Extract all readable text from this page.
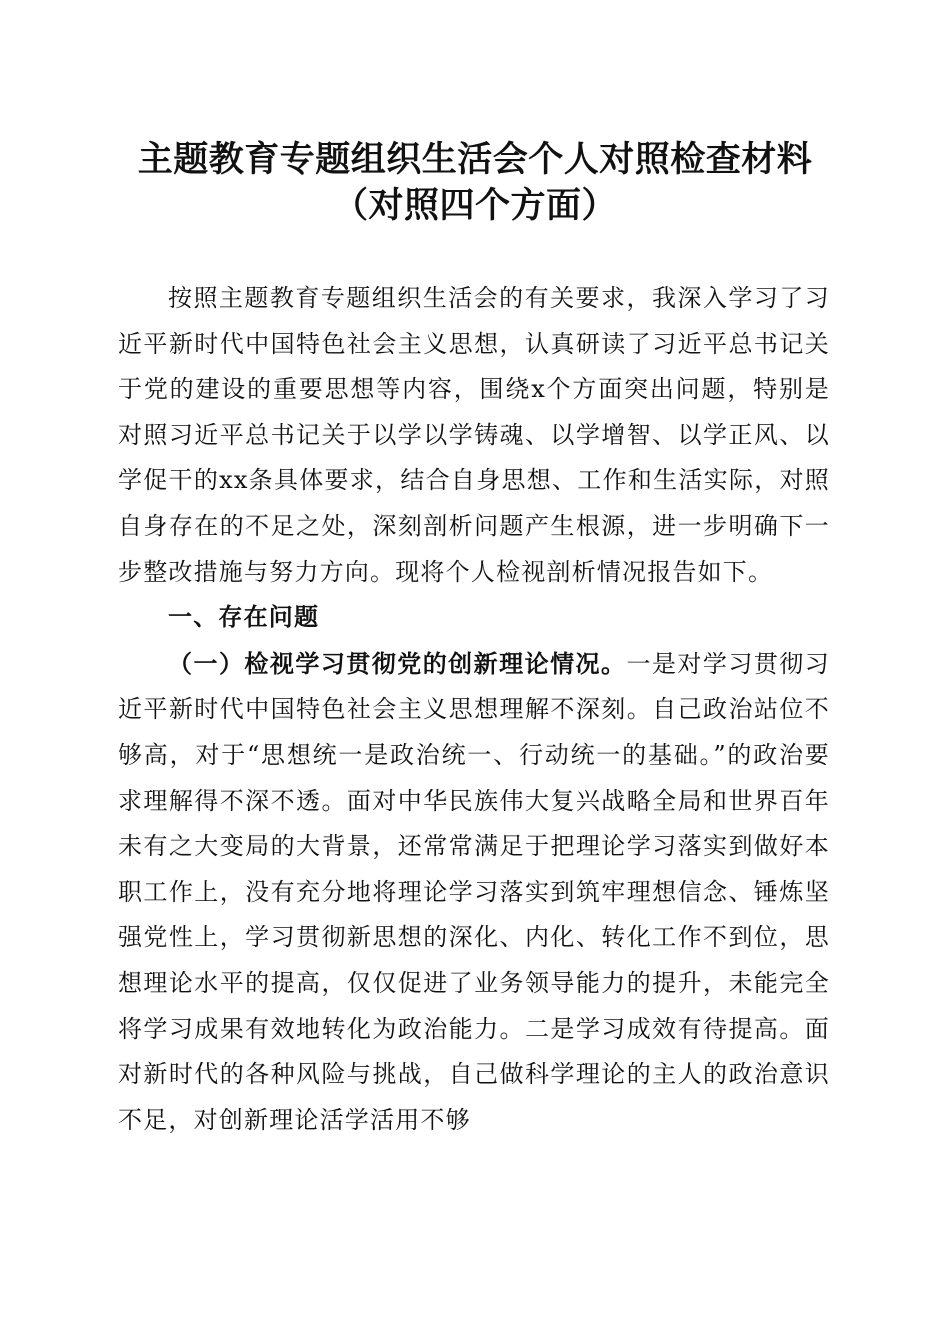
主题教育专题组织生活会个人对照检查材料
（对照四个方面）

按照主题教育专题组织生活会的有关要求，我深入学习了习近平新时代中国特色社会主义思想，认真研读了习近平总书记关于党的建设的重要思想等内容，围绕x个方面突出问题，特别是对照习近平总书记关于以学以学铸魂、以学增智、以学正风、以学促干的xx条具体要求，结合自身思想、工作和生活实际，对照自身存在的不足之处，深刻剖析问题产生根源，进一步明确下一步整改措施与努力方向。现将个人检视剖析情况报告如下。

一、存在问题

（一）检视学习贯彻党的创新理论情况。一是对学习贯彻习近平新时代中国特色社会主义思想理解不深刻。自己政治站位不够高，对于“思想统一是政治统一、行动统一的基础。”的政治要求理解得不深不透。面对中华民族伟大复兴战略全局和世界百年未有之大变局的大背景，还常常满足于把理论学习落实到做好本职工作上，没有充分地将理论学习落实到筑牢理想信念、锤炼坚强党性上，学习贯彻新思想的深化、内化、转化工作不到位，思想理论水平的提高，仅仅促进了业务领导能力的提升，未能完全将学习成果有效地转化为政治能力。二是学习成效有待提高。面对新时代的各种风险与挑战，自己做科学理论的主人的政治意识不足，对创新理论活学活用不够
